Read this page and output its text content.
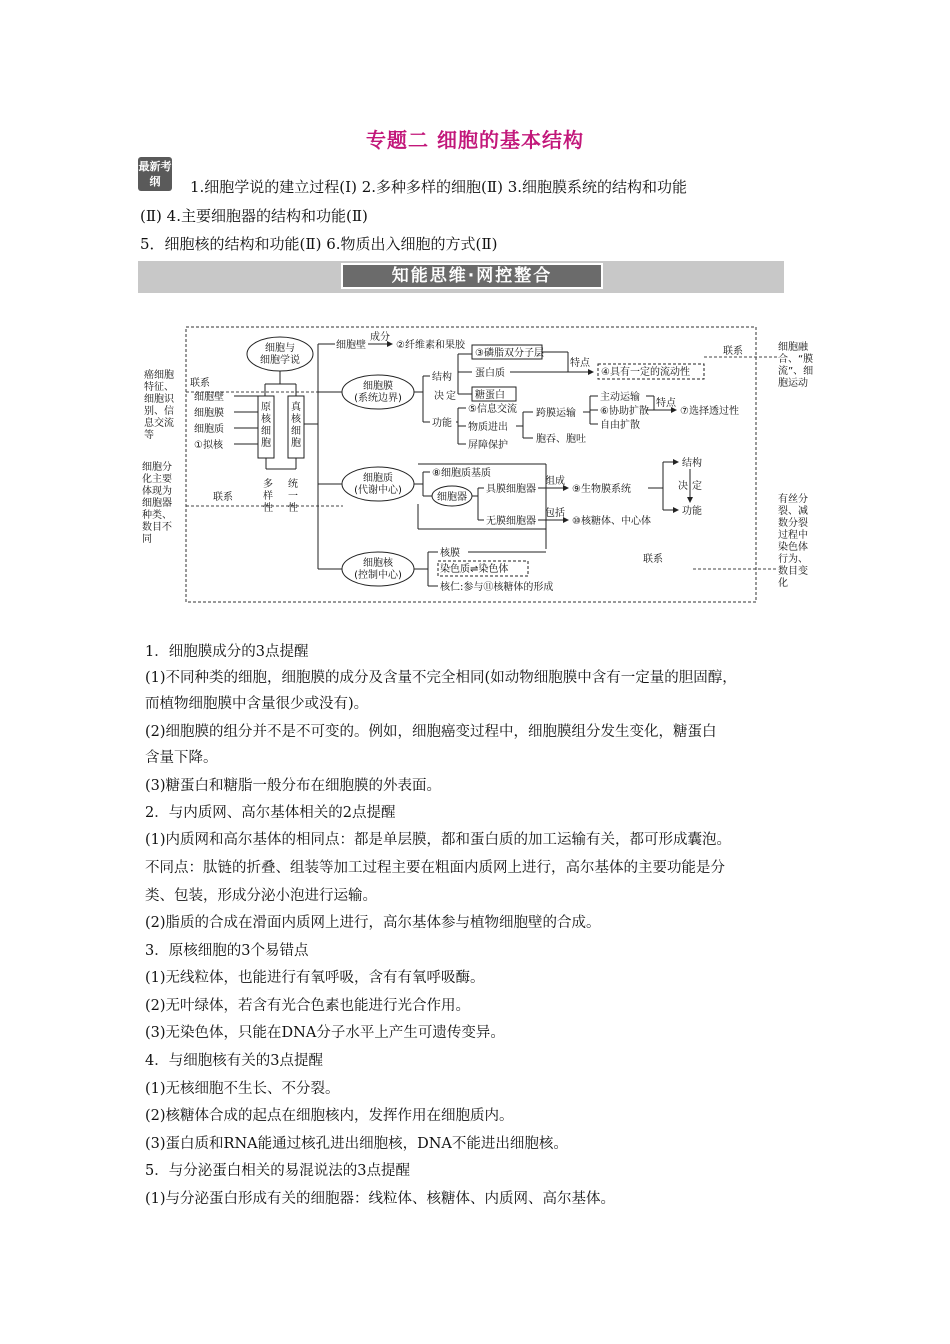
专题二 细胞的基本结构
最新考纲	1.细胞学说的建立过程(Ⅰ) 2.多种多样的细胞(Ⅱ) 3.细胞膜系统的结构和功能
(Ⅱ) 4.主要细胞器的结构和功能(Ⅱ)
5．细胞核的结构和功能(Ⅱ) 6.物质出入细胞的方式(Ⅱ)
知能思维·网控整合
癌细胞
特征、
细胞识
别、信
息交流
等
细胞分
化主要
体现为
细胞器
种类、
数目不
同
细胞融
合、“膜
流”、细
胞运动
有丝分
裂、减
数分裂
过程中
染色体
行为、
数目变
化
联系
联系
联系
联系
细胞与
细胞学说
细胞壁
细胞膜
细胞质
①拟核
原
核
细
胞
真
核
细
胞
多
样
性
统
一
性
细胞壁
成分
②纤维素和果胶
细胞膜
(系统边界)
结构
功能
决 定
③磷脂双分子层
蛋白质
糖蛋白
特点
④具有一定的流动性
⑤信息交流
物质进出
屏障保护
跨膜运输
胞吞、胞吐
主动运输
⑥协助扩散
自由扩散
特点
⑦选择透过性
细胞质
(代谢中心)
⑧细胞质基质
细胞器
具膜细胞器
无膜细胞器
组成
⑨生物膜系统
包括
⑩核糖体、中心体
结构
功能
决 定
细胞核
(控制中心)
核膜
染色质⇌染色体
核仁:参与⑪核糖体的形成
1．细胞膜成分的3点提醒
(1)不同种类的细胞，细胞膜的成分及含量不完全相同(如动物细胞膜中含有一定量的胆固醇，
而植物细胞膜中含量很少或没有)。
(2)细胞膜的组分并不是不可变的。例如，细胞癌变过程中，细胞膜组分发生变化，糖蛋白
含量下降。
(3)糖蛋白和糖脂一般分布在细胞膜的外表面。
2．与内质网、高尔基体相关的2点提醒
(1)内质网和高尔基体的相同点：都是单层膜，都和蛋白质的加工运输有关，都可形成囊泡。
不同点：肽链的折叠、组装等加工过程主要在粗面内质网上进行，高尔基体的主要功能是分
类、包装，形成分泌小泡进行运输。
(2)脂质的合成在滑面内质网上进行，高尔基体参与植物细胞壁的合成。
3．原核细胞的3个易错点
(1)无线粒体，也能进行有氧呼吸，含有有氧呼吸酶。
(2)无叶绿体，若含有光合色素也能进行光合作用。
(3)无染色体，只能在DNA分子水平上产生可遗传变异。
4．与细胞核有关的3点提醒
(1)无核细胞不生长、不分裂。
(2)核糖体合成的起点在细胞核内，发挥作用在细胞质内。
(3)蛋白质和RNA能通过核孔进出细胞核，DNA不能进出细胞核。
5．与分泌蛋白相关的易混说法的3点提醒
(1)与分泌蛋白形成有关的细胞器：线粒体、核糖体、内质网、高尔基体。
